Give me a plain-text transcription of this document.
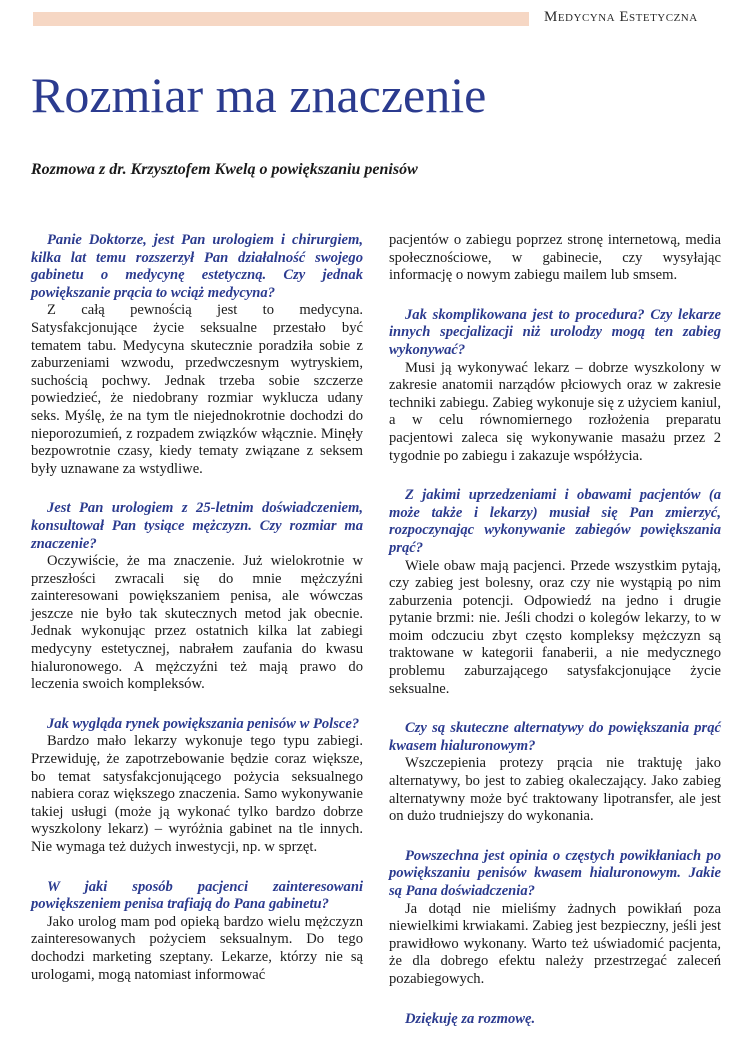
Medycyna Estetyczna
Rozmiar ma znaczenie
Rozmowa z dr. Krzysztofem Kwelą o powiększaniu penisów

Panie Doktorze, jest Pan urologiem i chirurgiem, kilka lat temu rozszerzył Pan działalność swojego gabinetu o medycynę estetyczną. Czy jednak powiększanie prącia to wciąż medycyna?

Z całą pewnością jest to medycyna. Satysfakcjonujące życie seksualne przestało być tematem tabu. Medycyna skutecznie poradziła sobie z zaburzeniami wzwodu, przedwczesnym wytryskiem, suchością pochwy. Jednak trzeba sobie szczerze powiedzieć, że niedobrany rozmiar wyklucza udany seks. Myślę, że na tym tle niejednokrotnie dochodzi do nieporozumień, z rozpadem związków włącznie. Minęły bezpowrotnie czasy, kiedy tematy związane z seksem były uznawane za wstydliwe.

Jest Pan urologiem z 25-letnim doświadczeniem, konsultował Pan tysiące mężczyzn. Czy rozmiar ma znaczenie?

Oczywiście, że ma znaczenie. Już wielokrotnie w przeszłości zwracali się do mnie mężczyźni zainteresowani powiększaniem penisa, ale wówczas jeszcze nie było tak skutecznych metod jak obecnie. Jednak wykonując przez ostatnich kilka lat zabiegi medycyny estetycznej, nabrałem zaufania do kwasu hialuronowego. A mężczyźni też mają prawo do leczenia swoich kompleksów.

Jak wygląda rynek powiększania penisów w Polsce?

Bardzo mało lekarzy wykonuje tego typu zabiegi. Przewiduję, że zapotrzebowanie będzie coraz większe, bo temat satysfakcjonującego pożycia seksualnego nabiera coraz większego znaczenia. Samo wykonywanie takiej usługi (może ją wykonać tylko bardzo dobrze wyszkolony lekarz) – wyróżnia gabinet na tle innych. Nie wymaga też dużych inwestycji, np. w sprzęt.

W jaki sposób pacjenci zainteresowani powiększeniem penisa trafiają do Pana gabinetu?

Jako urolog mam pod opieką bardzo wielu mężczyzn zainteresowanych pożyciem seksualnym. Do tego dochodzi marketing szeptany. Lekarze, którzy nie są urologami, mogą natomiast informować

pacjentów o zabiegu poprzez stronę internetową, media społecznościowe, w gabinecie, czy wysyłając informację o nowym zabiegu mailem lub smsem.

Jak skomplikowana jest to procedura? Czy lekarze innych specjalizacji niż urolodzy mogą ten zabieg wykonywać?

Musi ją wykonywać lekarz – dobrze wyszkolony w zakresie anatomii narządów płciowych oraz w zakresie techniki zabiegu. Zabieg wykonuje się z użyciem kaniul, a w celu równomiernego rozłożenia preparatu pacjentowi zaleca się wykonywanie masażu przez 2 tygodnie po zabiegu i zakazuje współżycia.

Z jakimi uprzedzeniami i obawami pacjentów (a może także i lekarzy) musiał się Pan zmierzyć, rozpoczynając wykonywanie zabiegów powiększania prąć?

Wiele obaw mają pacjenci. Przede wszystkim pytają, czy zabieg jest bolesny, oraz czy nie wystąpią po nim zaburzenia potencji. Odpowiedź na jedno i drugie pytanie brzmi: nie. Jeśli chodzi o kolegów lekarzy, to w moim odczuciu zbyt często kompleksy mężczyzn są traktowane w kategorii fanaberii, a nie medycznego problemu zaburzającego satysfakcjonujące życie seksualne.

Czy są skuteczne alternatywy do powiększania prąć kwasem hialuronowym?

Wszczepienia protezy prącia nie traktuję jako alternatywy, bo jest to zabieg okaleczający. Jako zabieg alternatywny może być traktowany lipotransfer, ale jest on dużo trudniejszy do wykonania.

Powszechna jest opinia o częstych powikłaniach po powiększaniu penisów kwasem hialuronowym. Jakie są Pana doświadczenia?

Ja dotąd nie mieliśmy żadnych powikłań poza niewielkimi krwiakami. Zabieg jest bezpieczny, jeśli jest prawidłowo wykonany. Warto też uświadomić pacjenta, że dla dobrego efektu należy przestrzegać zaleceń pozabiegowych.

Dziękuję za rozmowę.
